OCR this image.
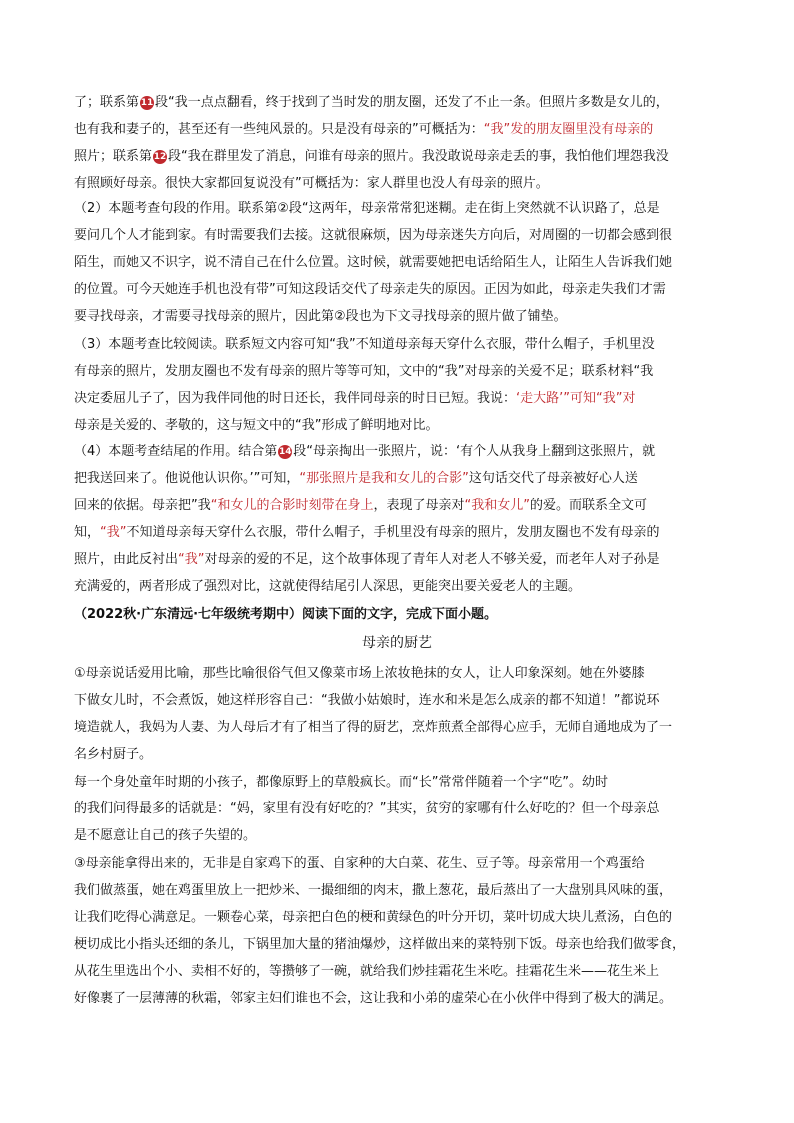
了；联系第 11 段“我一点点翻看，终于找到了当时发的朋友圈，还发了不止一条。但照片多数是女儿的，
也有我和妻子的，甚至还有一些纯风景的。只是没有母亲的”可概括为：“我”发的朋友圈里没有母亲的
照片；联系第 12 段“我在群里发了消息，问谁有母亲的照片。我没敢说母亲走丢的事，我怕他们埋怨我没
有照顾好母亲。很快大家都回复说没有”可概括为：家人群里也没人有母亲的照片。
（2）本题考查句段的作用。联系第②段“这两年，母亲常常犯迷糊。走在街上突然就不认识路了，总是
要问几个人才能到家。有时需要我们去接。这就很麻烦，因为母亲迷失方向后，对周圈的一切都会感到很
陌生，而她又不识字，说不清自己在什么位置。这时候，就需要她把电话给陌生人，让陌生人告诉我们她
的位置。可今天她连手机也没有带”可知这段话交代了母亲走失的原因。正因为如此，母亲走失我们才需
要寻找母亲，才需要寻找母亲的照片，因此第②段也为下文寻找母亲的照片做了铺垫。
（3）本题考查比较阅读。联系短文内容可知“我”不知道母亲每天穿什么衣服，带什么帽子，手机里没
有母亲的照片，发朋友圈也不发有母亲的照片等等可知，文中的“我”对母亲的关爱不足；联系材料“我
决定委屈儿子了，因为我伴同他的时日还长，我伴同母亲的时日已短。我说：‘走大路’”可知“我”对
母亲是关爱的、孝敬的，这与短文中的“我”形成了鲜明地对比。
（4）本题考查结尾的作用。结合第 14 段“母亲掏出一张照片，说：‘有个人从我身上翻到这张照片，就
把我送回来了。他说他认识你。’”可知，“那张照片是我和女儿的合影”这句话交代了母亲被好心人送
回来的依据。母亲把”我“和女儿的合影时刻带在身上，表现了母亲对“我和女儿”的爱。而联系全文可
知，“我”不知道母亲每天穿什么衣服，带什么帽子，手机里没有母亲的照片，发朋友圈也不发有母亲的
照片，由此反衬出“我”对母亲的爱的不足，这个故事体现了青年人对老人不够关爱，而老年人对子孙是
充满爱的，两者形成了强烈对比，这就使得结尾引人深思，更能突出要关爱老人的主题。
（2022秋·广东清远·七年级统考期中）阅读下面的文字，完成下面小题。
①母亲说话爱用比喻，那些比喻很俗气但又像菜市场上浓妆艳抹的女人，让人印象深刻。她在外婆膝
下做女儿时，不会煮饭，她这样形容自己：“我做小姑娘时，连水和米是怎么成亲的都不知道！”都说环
境造就人，我妈为人妻、为人母后才有了相当了得的厨艺，烹炸煎煮全部得心应手，无师自通地成为了一
名乡村厨子。
每一个身处童年时期的小孩子，都像原野上的草般疯长。而“长”常常伴随着一个字“吃”。幼时
的我们问得最多的话就是：“妈，家里有没有好吃的？”其实，贫穷的家哪有什么好吃的？但一个母亲总
是不愿意让自己的孩子失望的。
③母亲能拿得出来的，无非是自家鸡下的蛋、自家种的大白菜、花生、豆子等。母亲常用一个鸡蛋给
我们做蒸蛋，她在鸡蛋里放上一把炒米、一撮细细的肉末，撒上葱花，最后蒸出了一大盘别具风味的蛋，
让我们吃得心满意足。一颗卷心菜，母亲把白色的梗和黄绿色的叶分开切，菜叶切成大块儿煮汤，白色的
梗切成比小指头还细的条儿，下锅里加大量的猪油爆炒，这样做出来的菜特别下饭。母亲也给我们做零食，
从花生里选出个小、卖相不好的，等攒够了一碗，就给我们炒挂霜花生米吃。挂霜花生米——花生米上
好像裹了一层薄薄的秋霜，邻家主妇们谁也不会，这让我和小弟的虚荣心在小伙伴中得到了极大的满足。
母亲的厨艺
